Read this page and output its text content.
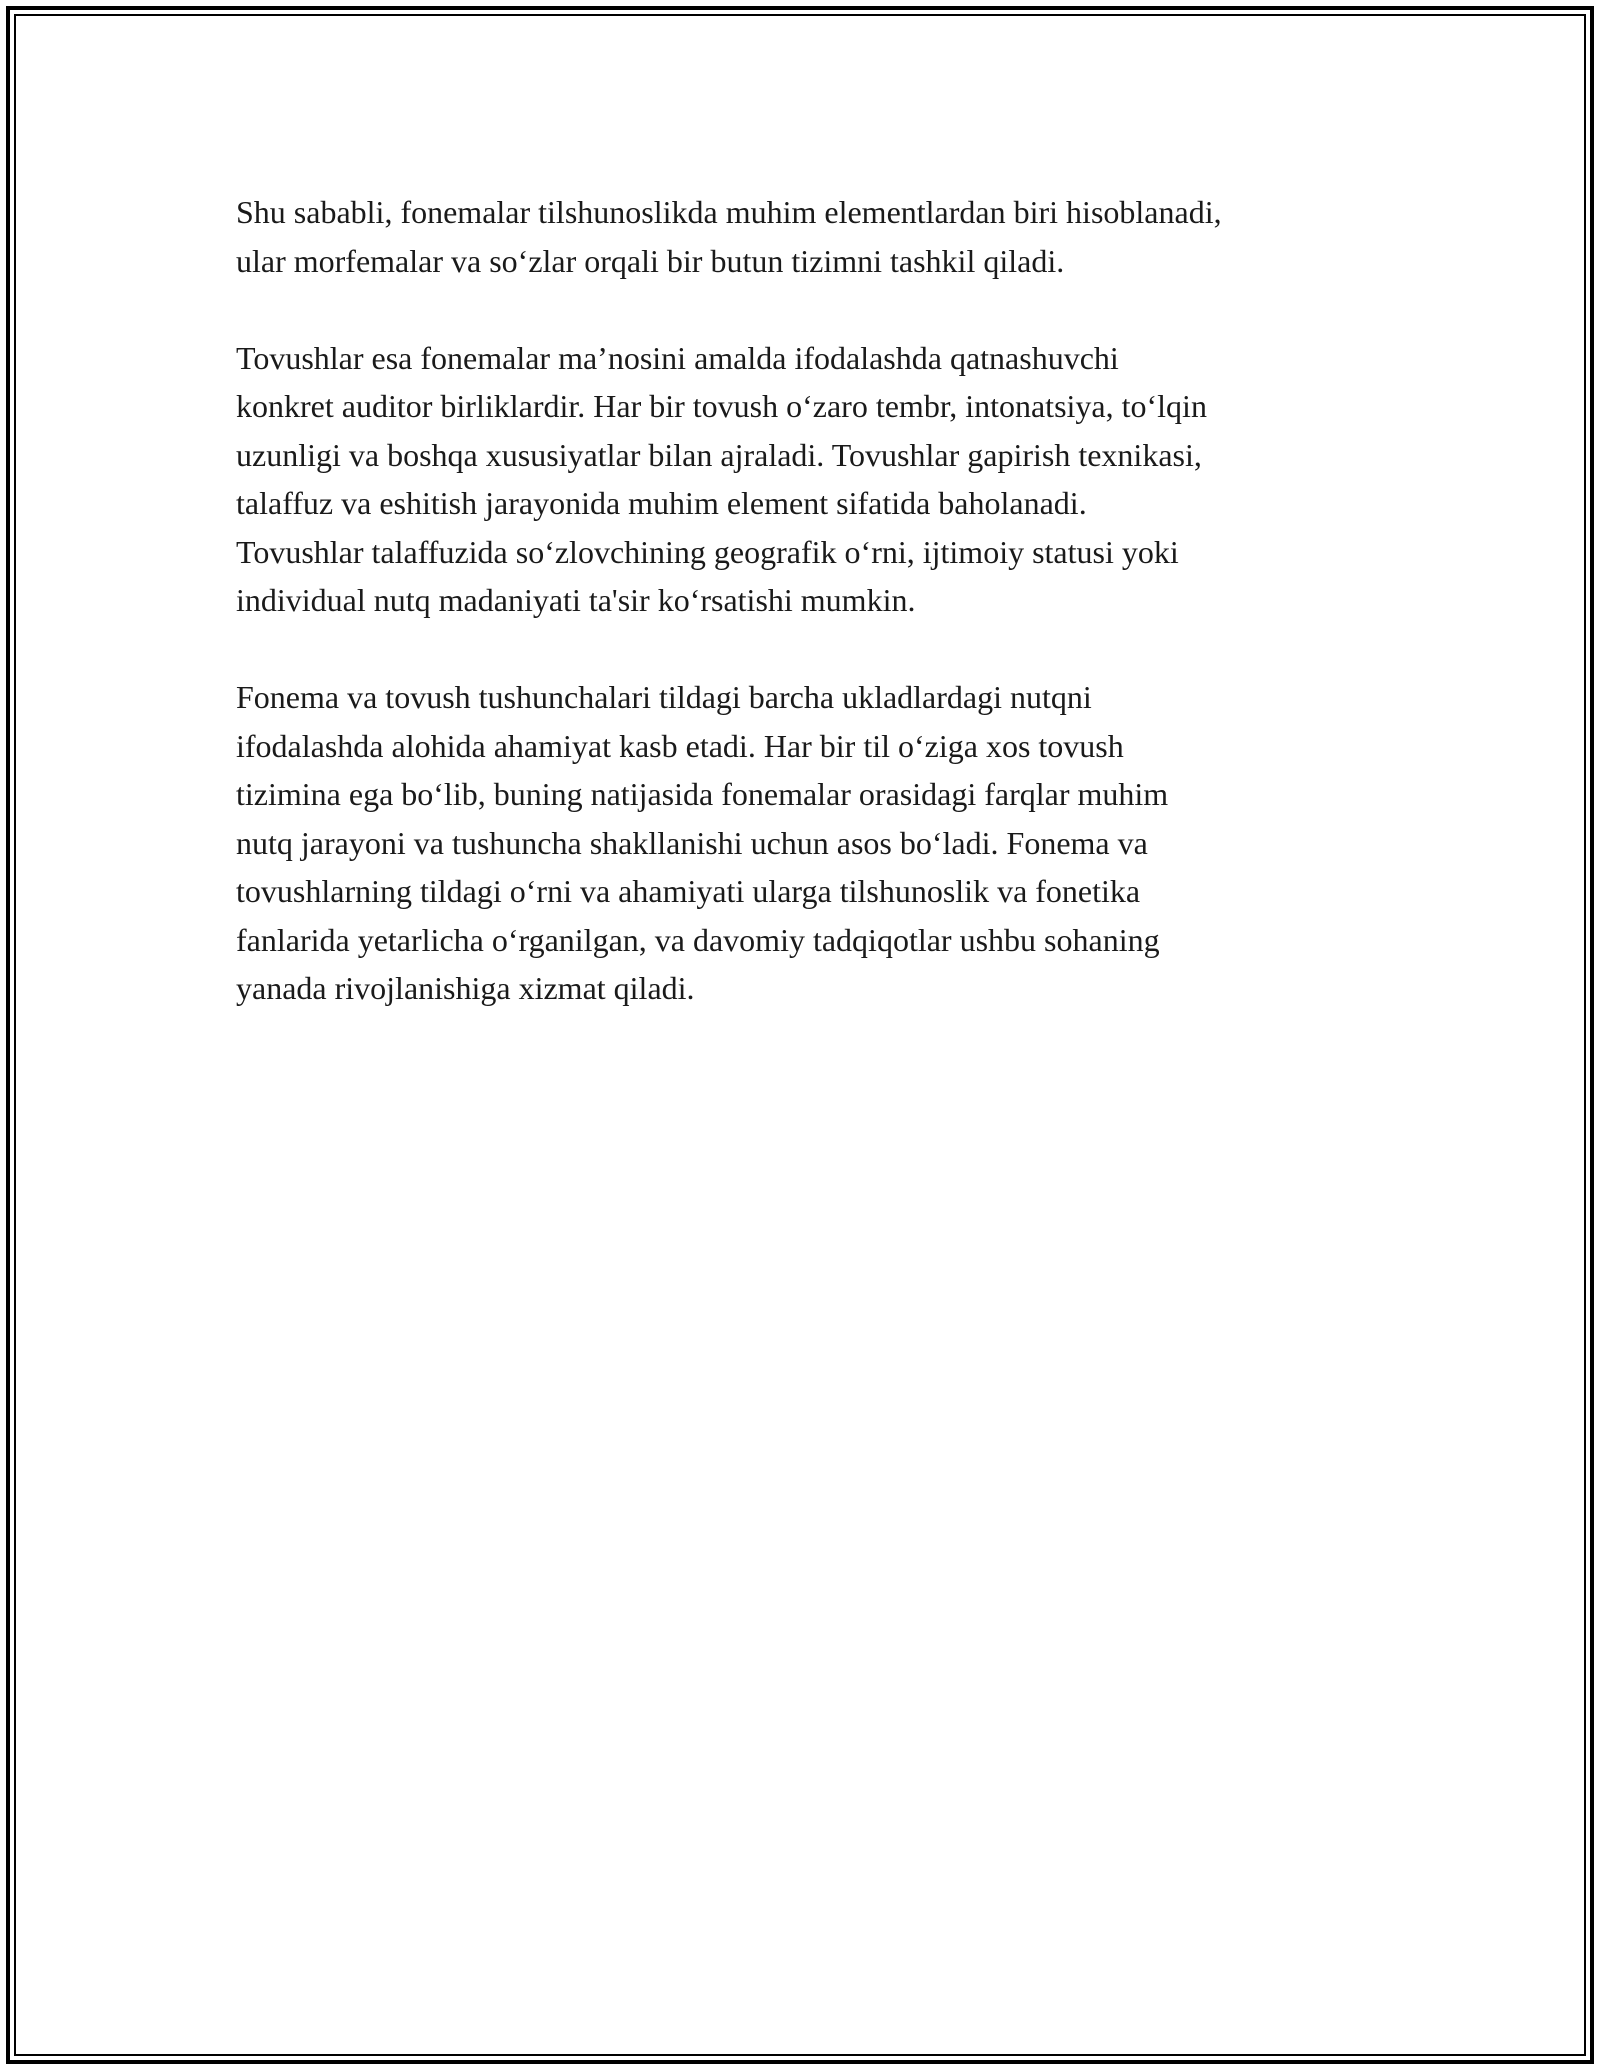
Shu sababli, fonemalar tilshunoslikda muhim elementlardan biri hisoblanadi,
ular morfemalar va so‘zlar orqali bir butun tizimni tashkil qiladi.

Tovushlar esa fonemalar ma’nosini amalda ifodalashda qatnashuvchi
konkret auditor birliklardir. Har bir tovush o‘zaro tembr, intonatsiya, to‘lqin
uzunligi va boshqa xususiyatlar bilan ajraladi. Tovushlar gapirish texnikasi,
talaffuz va eshitish jarayonida muhim element sifatida baholanadi.
Tovushlar talaffuzida so‘zlovchining geografik o‘rni, ijtimoiy statusi yoki
individual nutq madaniyati ta'sir ko‘rsatishi mumkin.

Fonema va tovush tushunchalari tildagi barcha ukladlardagi nutqni
ifodalashda alohida ahamiyat kasb etadi. Har bir til o‘ziga xos tovush
tizimina ega bo‘lib, buning natijasida fonemalar orasidagi farqlar muhim
nutq jarayoni va tushuncha shakllanishi uchun asos bo‘ladi. Fonema va
tovushlarning tildagi o‘rni va ahamiyati ularga tilshunoslik va fonetika
fanlarida yetarlicha o‘rganilgan, va davomiy tadqiqotlar ushbu sohaning
yanada rivojlanishiga xizmat qiladi.
